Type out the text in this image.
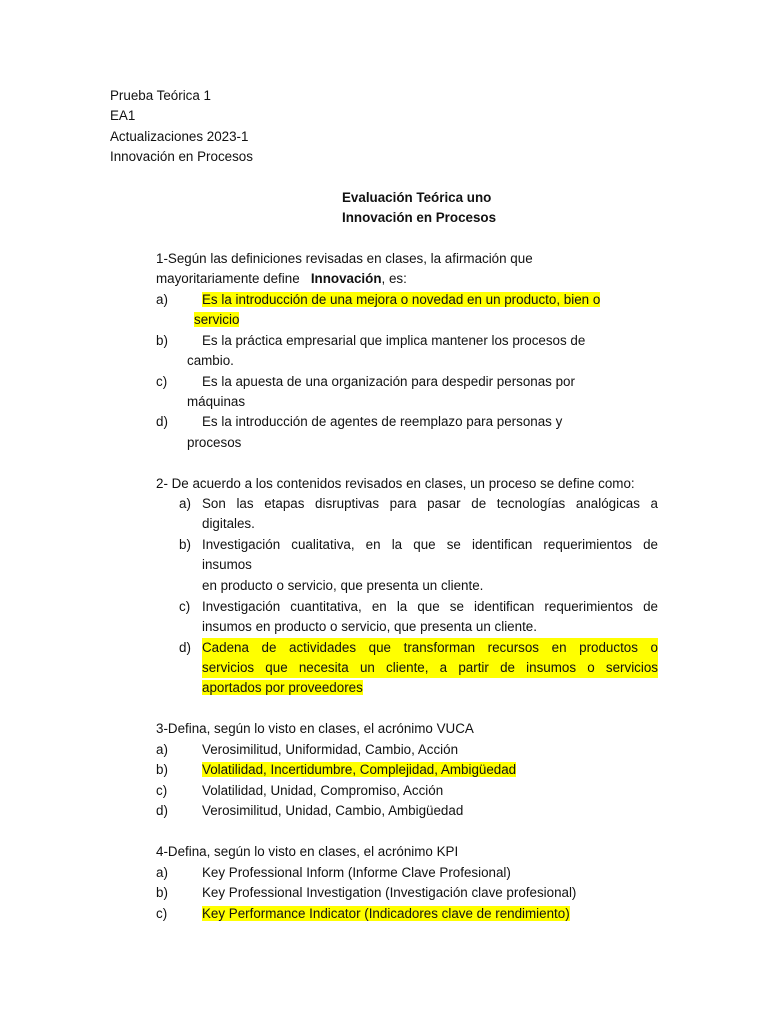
Prueba Teórica 1
EA1
Actualizaciones 2023-1
Innovación en Procesos
Evaluación Teórica uno
Innovación en Procesos
1-Según las definiciones revisadas en clases, la afirmación que
mayoritariamente define Innovación, es:
a)	Es la introducción de una mejora o novedad en un producto, bien o
servicio
b)	Es la práctica empresarial que implica mantener los procesos de
cambio.
c)	Es la apuesta de una organización para despedir personas por
máquinas
d)	Es la introducción de agentes de reemplazo para personas y
procesos
2- De acuerdo a los contenidos revisados en clases, un proceso se define como:
a) Son las etapas disruptivas para pasar de tecnologías analógicas a
digitales.
b) Investigación cualitativa, en la que se identifican requerimientos de
insumos
en producto o servicio, que presenta un cliente.
c) Investigación cuantitativa, en la que se identifican requerimientos de
insumos en producto o servicio, que presenta un cliente.
d) Cadena de actividades que transforman recursos en productos o
servicios que necesita un cliente, a partir de insumos o servicios
aportados por proveedores
3-Defina, según lo visto en clases, el acrónimo VUCA
a)	Verosimilitud, Uniformidad, Cambio, Acción
b)	Volatilidad, Incertidumbre, Complejidad, Ambigüedad
c)	Volatilidad, Unidad, Compromiso, Acción
d)	Verosimilitud, Unidad, Cambio, Ambigüedad
4-Defina, según lo visto en clases, el acrónimo KPI
a)	Key Professional Inform (Informe Clave Profesional)
b)	Key Professional Investigation (Investigación clave profesional)
c)	Key Performance Indicator (Indicadores clave de rendimiento)
